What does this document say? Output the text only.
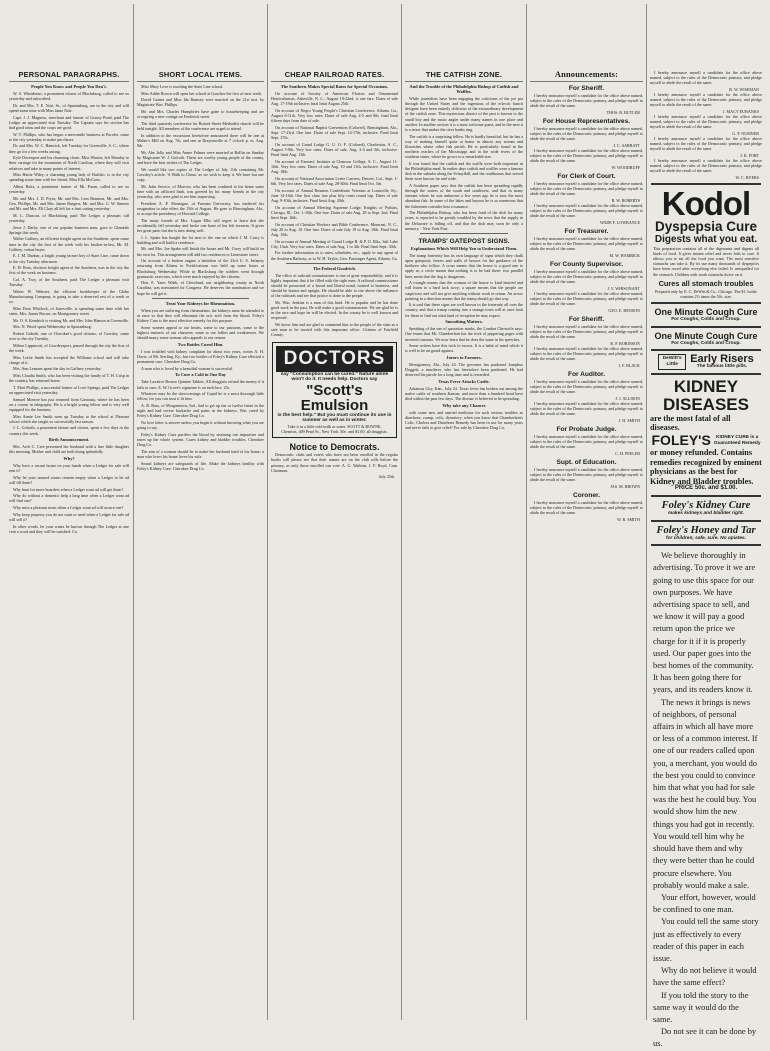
PERSONAL PARAGRAPHS.
People You Know and People You Don't.

W. S. Whiteheart, a prominent citizen of Blacksburg, called to see us yesterday and subscribed.

Dr. and Mrs. T. E. Nott, Sr., of Spartanburg, are in the city and will spend some time with Miss Janie Nott.

Capt. J. J. Magness, merchant and farmer of Grassy Pond, paid The Ledger an appreciated visit Tuesday. The Captain says his section has had good rains and the crops are good.

W. T. Phillips, who has begun a mercantile business at Pacolet, came to the city yesterday to make purchases.

Dr. and Mrs. W. C. Hamrick, left Tuesday for Greenville, S. C., where they go for a few weeks outing.

Kyle Davenport and his charming closer, Miss Winnie, left Monday to their carriage for the mountains of North Carolina, where they will visit relatives and take in many points of interest.

Miss Hattie Wiley, a charming young lady of Buffalo, is in the city spending some time with her friend, Miss Ella McCraw.

Albert Betts, a prominent farmer of Mt. Paran, called to see us yesterday.

Mr. and Mrs. J. D. Pryor, Mr. and Mrs. Lem Brannon, Mr. and Mrs. Geo. Phillips, Mr. and Mrs. James Burgess, Mr. and Mrs. G. W. Simons and Mr. and Mrs. Eli Clary all left for a fruit outing yesterday.

M. L. Duncan, of Blacksburg, paid The Ledger a pleasant call yesterday.

Jesse J. Darby, one of our popular business men, goes to Glendale Springs this week.

Walter Gaffney, an efficient freight agent on the Southern, spent some time in the city the first of the week with his brother-in-law, Mr. M. Gaffney, cotton buyer.

E. J. M. Dunbar, a bright young farmer boy of State Line, came down to the city Tuesday afternoon.

E. H. Ross, division freight agent of the Southern, was in the city the first of the week on business.

Col. A. Troy, of the Southern, paid The Ledger a pleasant visit Tuesday.

Walter W. Webster, the efficient bookkeeper of the Globe Manufacturing Company, is going to take a deserved rest of a week or so.

Miss Dora Whitlock, of Jonesville, is spending some time with her sister, Mrs. James Brown, on Montgomery street.

Mr. O. S. Kendrick is visiting Mr. and Mrs. John Hamon at Greenville.

Mrs. N. Wood spent Wednesday in Spartanburg.

Robert Gaboth, one of Cherokee's good citizens, of Gowdey, came over to the city Tuesday.

Milton Lippincott, of Gowdeysport, passed through the city the first of the week.

Miss Lottie Smith has accepted the Williams school and will take charge of it.

Mrs. Ann Lemons spent the day in Gaffney yesterday.

Miss Claudia Smith, who has been visiting the family of T. H. Crisp in the country, has returned home.

T. Mott Phillips, a successful farmer of Love Springs, paid The Ledger an appreciated visit yesterday.

Samuel Monroe has just returned from Gastonia, where he has been on a course in telegraphy. He is a bright young fellow and is very well equipped for the business.

Miss Annie Lee Smith went up Tuesday to the school at Pleasant school which she taught so successfully last season.

J. L. Goforth, a prominent farmer and citizen, spent a few days in the country this week.

Birth Announcement.

Mrs. Arch C. Cree presented her husband with a fine little daughter this morning. Mother and child are both doing splendidly.

Why?

Why have a vacant house on your hands when a Ledger for sale will rent it?

Why let your unused rooms remain empty when a Ledger to let ad will fill them?

Why hunt for more boarders when a Ledger want ad will get them?

Why do without a domestic help a long time when a Ledger want ad will find one?

Why miss a pleasant room when a Ledger want ad will secure one?

Why keep property you do not want or need when a Ledger for sale ad will sell it?

In other words, let your wants be known through The Ledger at one cent a word and they will be satisfied. Co.

SHORT LOCAL ITEMS.

Miss Mary Love is teaching the State Line school.

Miss Addie Brown will open her school at Goucher the first of next week.

David Gaines and Miss Ida Ramsey were married on the 21st inst. by Magistrate Wm. Phillips.

Mr. and Mrs. Charles Humphries have gone to housekeeping and are occupying a new cottage on Frederick street.

The third quarterly conference for Buford Street Methodist church will be held tonight. All members of the conference are urged to attend.

In addition to the excursions heretofore announced there will be one at Maher's Mill on Aug. 7th, and one at Draytonville at 7 o'clock p. m. Aug. 9th.

Mr. Abe Jolly and Miss Annie Palmer were married at Rollin on Sunday by Magistrate W. J. Goforth. These are worthy young people of the county, and have the best wishes of The Ledger.

We would like two copies of The Ledger of July 11th containing Mr. Gowdey's article, 'A Walk to China,' as we wish to keep it. We have but one copy.

Mr. John Service, of Morrow, who has been confined to his home some time with an afflicted limb, was greeted by his many friends in the city yesterday, who were glad to see him improving.

President A. P. Montague, of Furman University, has tendered his resignation to take effect the 15th of August. He goes to Birmingham, Ala., to accept the presidency of Howard College.

The many friends of Mrs. Logan Ellis will regret to learn that she accidentally fell yesterday and broke one bone of her left forearm. It gives her great pain, but she is now doing well.

J. L. Spake has bought the lot next to the one on which J. M. Curry is building and will build a residence.

Mr. and Mrs. Joe Spake will finish the house and Mr. Curry will build on his own lot. This arrangement will add two residences to Limestone street.

On account of a broken engine a battalion of the 23rd U. S. Infantry returning from Athens to Fortifications was held up some hours at Blacksburg Wednesday. While in Blacksburg the soldiers went through gymnastic exercises, which were much enjoyed by the citizens.

Hon. E. Yates Webb, of Cleveland, our neighboring county in North Carolina, was nominated for Congress. He deserves the nomination and we hope he will get it.

Treat Your Kidneys for Rheumatism.

When you are suffering from rheumatism, the kidneys must be attended to at once so that they will eliminate the uric acid from the blood. Foley's Kidney Cure is the most effective remedy for this purpose.

Some women appeal to our hearts, some to our passions, some to the highest instincts of our character, some to our follies and weaknesses. We should marry some woman who appeals to our reason.

Two Bottles Cured Him.

I was troubled with kidney complaint for about two years, writes A. H. Davis, of Mt. Sterling, Ky., but two bottles of Foley's Kidney Cure effected a permanent cure. Cherokee Drug Co.

A man who is loved by a beautiful woman is successful.

To Cure a Cold in One Day

Take Laxative Bromo Quinine Tablets. All druggists refund the money if it fails to cure. E. W. Grove's signature is on each box. 25c.

Whatever may be the shortcomings of Cupid he is a most thorough little fellow, for you can trust it fit him.

A. B. Bass, of Morgantown, Ind., had to get up ten or twelve times in the night and had severe backache and pains in the kidneys. Was cured by Foley's Kidney Cure. Cherokee Drug Co.

No love letter is sincere unless you begin it without knowing what you are going to say.

Foley's Kidney Cure purifies the blood by straining out impurities and tones up the whole system. Cures kidney and bladder troubles. Cherokee Drug Co.

The aim of a woman should be to make her husband fond of his home; a man who loves his home loves his wife.

Sound kidneys are safeguards of life. Make the kidneys healthy with Foley's Kidney Cure. Cherokee Drug Co.

CHEAP RAILROAD RATES.
The Southern Makes Special Rates for Special Occasions.

On account of Society of American Florists and Ornamental Horticulturists, Asheville, N. C., August 19-22nd, is one fare. Dates of sale Aug. 17-19th inclusive; final limit August 25th.

On account of Negro Young People's Christian Conference, Atlanta, Ga., August 6-11th. Very low rates. Dates of sale Aug. 4-5 and 9th; final limit fifteen days from date of sale.

On account of National Baptist Convention (Colored), Birmingham, Ala., Sept. 17-23rd. One fare. Dates of sale Sept. 14-17th, inclusive. Final limit Sept. 27th.

On account of Grand Lodge G. U. O. F. (Colored), Charleston, S. C., August 5-9th. Very low rates. Dates of sale, Aug. 3-4 and 5th, inclusive. Final limit Aug. 13th.

On account of Farmers' Institute at Clemson College, S. C., August 11-16th. Very low rates. Dates of sale Aug. 10 and 11th, inclusive. Final limit Aug. 18th.

On account of National Association Letter Carriers, Denver, Col., Sept. 1-6th. Very low rates. Dates of sale Aug. 28-30th. Final limit Oct. 5th.

On account of Annual Reunion Confederate Veterans at Louisville, Ky., June 14-16th. One first class fare plus fifty cents round trip. Dates of sale Aug. 9-10th, inclusive. Final limit Aug. 20th.

On account of Annual Meeting Supreme Lodge, Knights of Pythias, Chicago, Ill., Oct. 1-10th. One fare. Dates of sale Aug. 28 to Sept. 2nd. Final limit Sept. 16th.

On account of Christian Workers and Bible Conference, Montreat, N. C., July 20 to Aug. 10. One fare. Dates of sale July 19 to Aug. 10th. Final limit Aug. 15th.

On account of Annual Meeting of Grand Lodge B. & P. O. Elks, Salt Lake City, Utah. Very low rates. Dates of sale Aug. 1 to 4th. Final limit Sept. 30th.

For further information as to rates, schedules, etc., apply to any agent of the Southern Railway, or to W. H. Taylor, Gen. Passenger Agent, Atlanta, Ga.

The Federal Goodrich.

The office of railroad commissioner is one of great responsibility, and it is highly important that it be filled with the right men. A railroad commissioner should be possessed of a broad and liberal mind, trained to business, and should be honest and upright. He should be able to rise above the influence of the railroads and see that justice is done to the people.

Mr. Wm. Jenkins is a man of this kind. He is popular and he has done good work in the past. He will make a good commissioner. We are glad he is in the race and hope he will be elected. In the county he is well known and respected.

We know him and are glad to commend him to the people of the state as a safe man to be trusted with this important office. Citizens of Fairfield County.

DOCTORS
say "Consumption can be cured." Nature alone won't do it. It needs help. Doctors say
"Scott's Emulsion
is the best help." But you must continue its use in summer as well as in winter.
Take it in a little cold milk or water. SCOTT & BOWNE, Chemists, 409 Pearl St., New York. 50c. and $1.00; all druggists.
Notice to Democrats.

Democratic clubs and voters who have not been enrolled in the regular books will please see that their names are on the club rolls before the primary, as only those enrolled can vote. A. G. Watkins, J. F. Boyd, Com. Chairman.

July 25th.
THE CATFISH ZONE.
And the Trouble of the Philadelphia Bishop of Catfish and Waffles.

While journalists have been engaging the criticisms of the joe pot through the United States and the ingenious of the eclectic bunch designer have been entirely oblivious of the extraordinary development of the catfish zone. This mysterious district of the pest is known to the small boy and the rustic angler under many names in one place and another. In another section it is a most welcome guest, and in the next it is a terror that makes the river banks ring.

The catfish is a surprising fellow. He is hardly beautiful, but he has a way of making himself quite at home in almost any stream and flourishes where other fish perish. He is particularly found in the northern reaches of the Mississippi and in the wide rivers of the southern states, where he grows to a remarkable size.

It was found that the catfish and the waffle were both important in the Philadelphia meal. In earlier days catfish and waffles were a famous dish in the suburbs along the Schuylkill, and the roadhouses that served them were known far and wide.

A Southern paper says that the catfish has been spreading rapidly through the waters of the south and southwest, and that in many streams where he was unknown a few years ago he is now the most abundant fish. In some of the lakes and bayous he is so numerous that the fishermen consider him a nuisance.

The Philadelphia Bishop, who has been fond of the dish for many years, is reported to be greatly troubled by the news that the supply in the Delaware is falling off, and that the dish may soon be only a memory. - New York Post.

TRAMPS' GATEPOST SIGNS.
Explanations Which Will Help You to Understand Them.

The tramp fraternity has its own language of signs which they chalk upon gateposts, fences and walls of houses for the guidance of the brethren who follow. A cross means that the house is a good one to apply at; a circle means that nothing is to be had there; two parallel lines mean that the dog is dangerous.

A triangle means that the woman of the house is kind hearted and will listen to a hard luck story; a square means that the people are suspicious and will not give anything without work in return. An arrow pointing in a direction means that the tramp should go that way.

It is said that these signs are well known to the fraternity all over the country, and that a tramp coming into a strange town will at once look for them to find out what kind of reception he may expect.

Smoothing Matters.

Speaking of the use of quotation marks, the London Chronicle says: One learns that Mr. Chamberlain has the trick of peppering pages with inverted commas. We now learn that he does the same in his speeches.

Some writers have this trick to excess. It is a habit of mind which it is well to be on guard against.

Jurors to Farmers.

Montgomery, Ala., July 24. The governor has pardoned Josephus Doggett, a murderer, who has heretofore been pardoned. He had deserved his parole for a long time and is rewarded.

Texas Fever Attacks Cattle.

Arkansas City, Kan., July 24. Texas fever has broken out among the native cattle of southern Kansas, and more than a hundred head have died within the past few days. The disease is believed to be spreading.

Why take any Chances

with some new and untried medicine for such serious troubles as diarrhoea, cramp, colic, dysentery, when you know that Chamberlain's Colic, Cholera and Diarrhoea Remedy has been in use for many years and never fails to give relief? For sale by Cherokee Drug Co.

Announcements:
For Sheriff.

I hereby announce myself a candidate for the office above named, subject to the rules of the Democratic primary, and pledge myself to abide the result of the same.

THOS. B. BUTLER
For House Representatives.

I hereby announce myself a candidate for the office above named, subject to the rules of the Democratic primary, and pledge myself to abide the result of the same.

J. C. SARRATT

I hereby announce myself a candidate for the office above named, subject to the rules of the Democratic primary, and pledge myself to abide the result of the same.

W. WOODRUFF
For Clerk of Court.

I hereby announce myself a candidate for the office above named, subject to the rules of the Democratic primary, and pledge myself to abide the result of the same.

R. W. ROBERTS

I hereby announce myself a candidate for the office above named, subject to the rules of the Democratic primary, and pledge myself to abide the result of the same.

WADE F. LOWRANCE
For Treasurer.

I hereby announce myself a candidate for the office above named, subject to the rules of the Democratic primary, and pledge myself to abide the result of the same.

M. W. HAMRICK
For County Supervisor.

I hereby announce myself a candidate for the office above named, subject to the rules of the Democratic primary, and pledge myself to abide the result of the same.

J. V. WHISONANT

I hereby announce myself a candidate for the office above named, subject to the rules of the Democratic primary, and pledge myself to abide the result of the same.

GEO. E. HENSON
For Sheriff.

I hereby announce myself a candidate for the office above named, subject to the rules of the Democratic primary, and pledge myself to abide the result of the same.

R. P. ROBINSON

I hereby announce myself a candidate for the office above named, subject to the rules of the Democratic primary, and pledge myself to abide the result of the same.

J. F. BLACK
For Auditor.

I hereby announce myself a candidate for the office above named, subject to the rules of the Democratic primary, and pledge myself to abide the result of the same.

J. J. ALLISON

I hereby announce myself a candidate for the office above named, subject to the rules of the Democratic primary, and pledge myself to abide the result of the same.

J. H. SMITH
For Probate Judge.

I hereby announce myself a candidate for the office above named, subject to the rules of the Democratic primary, and pledge myself to abide the result of the same.

C. H. PEELER
Supt. of Education.

I hereby announce myself a candidate for the office above named, subject to the rules of the Democratic primary, and pledge myself to abide the result of the same.

JAS. M. BROWN
Coroner.

I hereby announce myself a candidate for the office above named, subject to the rules of the Democratic primary, and pledge myself to abide the result of the same.

W. R. SMITH

I hereby announce myself a candidate for the office above named, subject to the rules of the Democratic primary, and pledge myself to abide the result of the same.

R. W. WISEMAN

I hereby announce myself a candidate for the office above named, subject to the rules of the Democratic primary, and pledge myself to abide the result of the same.

J. MACY EUBANKS

I hereby announce myself a candidate for the office above named, subject to the rules of the Democratic primary, and pledge myself to abide the result of the same.

G. P. NUMNER

I hereby announce myself a candidate for the office above named, subject to the rules of the Democratic primary, and pledge myself to abide the result of the same.

J. K. FORT

I hereby announce myself a candidate for the office above named, subject to the rules of the Democratic primary, and pledge myself to abide the result of the same.

W. C. BYERS
Kodol
Dyspepsia Cure
Digests what you eat.
This preparation contains all of the digestants and digests all kinds of food. It gives instant relief and never fails to cure. It allows you to eat all the food you want. The most sensitive stomachs can take it. By its use many thousands of dyspeptics have been cured after everything else failed. Is unequalled for the stomach. Children with weak stomachs thrive on it.
Cures all stomach troubles
Prepared only by E. C. DeWitt & Co., Chicago. The $1. bottle contains 2½ times the 50c. size.
One Minute Cough Cure
For Coughs, Colds and Croup.
One Minute Cough Cure
For Coughs, Colds and Croup.
DeWitt's Little	Early Risers
The famous little pills.
KIDNEY DISEASES
are the most fatal of all diseases.
FOLEY'S	KIDNEY CURE is a
Guaranteed Remedy
or money refunded. Contains remedies recognized by eminent physicians as the best for Kidney and Bladder troubles.
PRICE 50c. and $1.00.
Foley's Kidney Cure
makes kidneys and bladder right.
Foley's Honey and Tar
for children, safe, sure. No opiates.
We believe thoroughly in advertising. To prove it we are going to use this space for our own purposes. We have advertising space to sell, and we know it will pay a good return upon the price we charge for it if it is properly used. Our paper goes into the best homes of the community. It has been going there for years, and its readers know it.
The news it brings is news of neighbors, of personal affairs in which all have more or less of a common interest. If one of our readers called upon you, a merchant, you would do the best you could to convince him that what you had for sale was the best he could buy. You would show him the new things you had got in recently. You would tell him why he should have them and why they were better than he could procure elsewhere. You probably would make a sale.
Your effort, however, would be confined to one man.
You could tell the same story just as effectively to every reader of this paper in each issue.
Why do not believe it would have the same effect?
If you told the story to the same way it would do the same.
Do not see it can be done by us.
